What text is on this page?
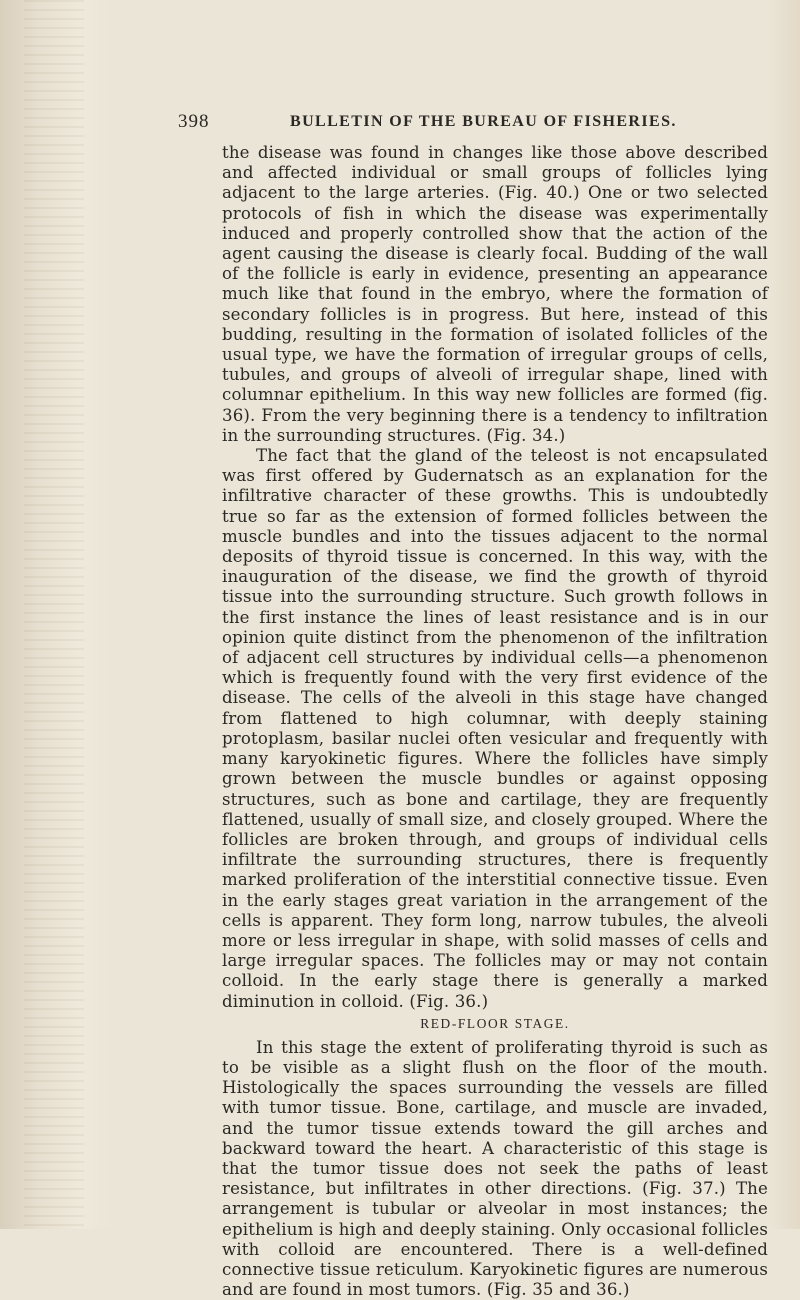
398	BULLETIN OF THE BUREAU OF FISHERIES.

the disease was found in changes like those above described and affected individual or small groups of follicles lying adjacent to the large arteries. (Fig. 40.) One or two selected protocols of fish in which the disease was experimentally induced and properly controlled show that the action of the agent causing the disease is clearly focal. Budding of the wall of the follicle is early in evidence, presenting an appearance much like that found in the embryo, where the formation of secondary follicles is in progress. But here, instead of this budding, resulting in the formation of isolated follicles of the usual type, we have the formation of irregular groups of cells, tubules, and groups of alveoli of irregular shape, lined with columnar epithelium. In this way new follicles are formed (fig. 36). From the very beginning there is a tendency to infiltration in the surrounding structures. (Fig. 34.)

The fact that the gland of the teleost is not encapsulated was first offered by Gudernatsch as an explanation for the infiltrative character of these growths. This is undoubtedly true so far as the extension of formed follicles between the muscle bundles and into the tissues adjacent to the normal deposits of thyroid tissue is concerned. In this way, with the inauguration of the disease, we find the growth of thyroid tissue into the surrounding structure. Such growth follows in the first instance the lines of least resistance and is in our opinion quite distinct from the phenomenon of the infiltration of adjacent cell structures by individual cells—a phenomenon which is frequently found with the very first evidence of the disease. The cells of the alveoli in this stage have changed from flattened to high columnar, with deeply staining protoplasm, basilar nuclei often vesicular and frequently with many karyokinetic figures. Where the follicles have simply grown between the muscle bundles or against opposing structures, such as bone and cartilage, they are frequently flattened, usually of small size, and closely grouped. Where the follicles are broken through, and groups of individual cells infiltrate the surrounding structures, there is frequently marked proliferation of the interstitial connective tissue. Even in the early stages great variation in the arrangement of the cells is apparent. They form long, narrow tubules, the alveoli more or less irregular in shape, with solid masses of cells and large irregular spaces. The follicles may or may not contain colloid. In the early stage there is generally a marked diminution in colloid. (Fig. 36.)

RED-FLOOR STAGE.

In this stage the extent of proliferating thyroid is such as to be visible as a slight flush on the floor of the mouth. Histologically the spaces surrounding the vessels are filled with tumor tissue. Bone, cartilage, and muscle are invaded, and the tumor tissue extends toward the gill arches and backward toward the heart. A characteristic of this stage is that the tumor tissue does not seek the paths of least resistance, but infiltrates in other directions. (Fig. 37.) The arrangement is tubular or alveolar in most instances; the epithelium is high and deeply staining. Only occasional follicles with colloid are encountered. There is a well-defined connective tissue reticulum. Karyokinetic figures are numerous and are found in most tumors. (Fig. 35 and 36.)
